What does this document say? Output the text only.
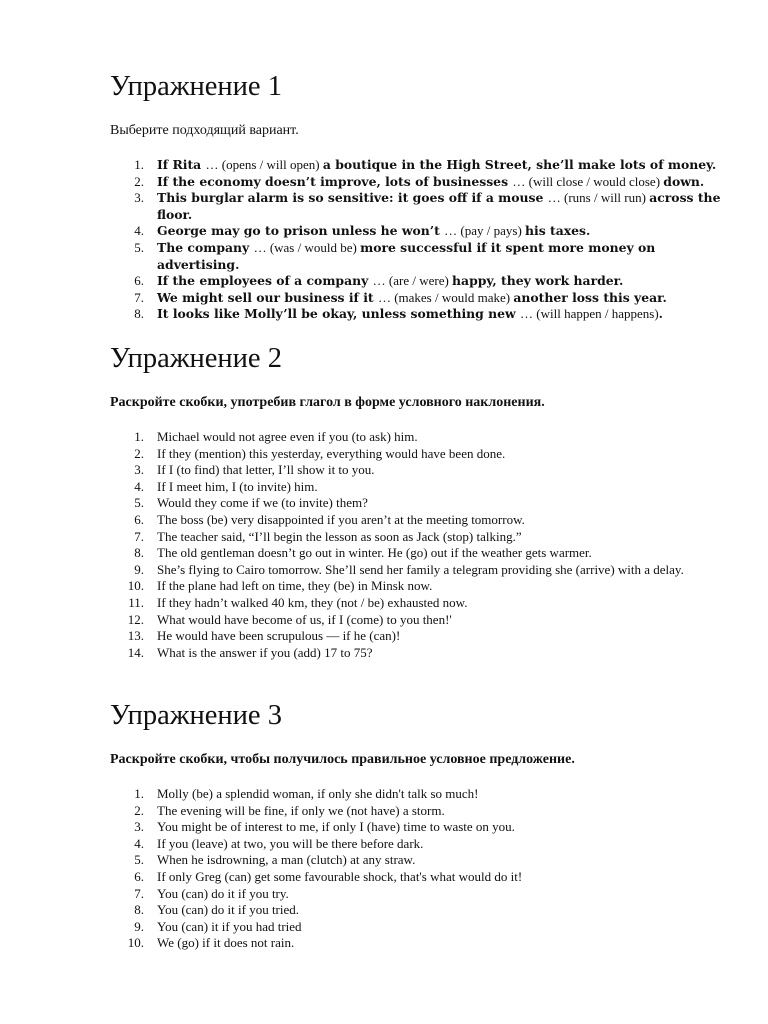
Упражнение 1

Выберите подходящий вариант.

1. If Rita … (opens / will open) a boutique in the High Street, she’ll make lots of money.
2. If the economy doesn’t improve, lots of businesses … (will close / would close) down.
3. This burglar alarm is so sensitive: it goes off if a mouse … (runs / will run) across the floor.
4. George may go to prison unless he won’t … (pay / pays) his taxes.
5. The company … (was / would be) more successful if it spent more money on advertising.
6. If the employees of a company … (are / were) happy, they work harder.
7. We might sell our business if it … (makes / would make) another loss this year.
8. It looks like Molly’ll be okay, unless something new … (will happen / happens).
Упражнение 2

Раскройте скобки, употребив глагол в форме условного наклонения.

1. Michael would not agree even if you (to ask) him.
2. If they (mention) this yesterday, everything would have been done.
3. If I (to find) that letter, I’ll show it to you.
4. If I meet him, I (to invite) him.
5. Would they come if we (to invite) them?
6. The boss (be) very disappointed if you aren’t at the meeting tomorrow.
7. The teacher said, “I’ll begin the lesson as soon as Jack (stop) talking.”
8. The old gentleman doesn’t go out in winter. He (go) out if the weather gets warmer.
9. She’s flying to Cairo tomorrow. She’ll send her family a telegram providing she (arrive) with a delay.
10. If the plane had left on time, they (be) in Minsk now.
11. If they hadn’t walked 40 km, they (not / be) exhausted now.
12. What would have become of us, if I (come) to you then!'
13. He would have been scrupulous — if he (can)!
14. What is the answer if you (add) 17 to 75?
Упражнение 3

Раскройте скобки, чтобы получилось правильное условное предложение.

1. Molly (be) a splendid woman, if only she didn't talk so much!
2. The evening will be fine, if only we (not have) a storm.
3. You might be of interest to me, if only I (have) time to waste on you.
4. If you (leave) at two, you will be there before dark.
5. When he isdrowning, a man (clutch) at any straw.
6. If only Greg (can) get some favourable shock, that's what would do it!
7. You (can) do it if you try.
8. You (can) do it if you tried.
9. You (can) it if you had tried
10. We (go) if it does not rain.
